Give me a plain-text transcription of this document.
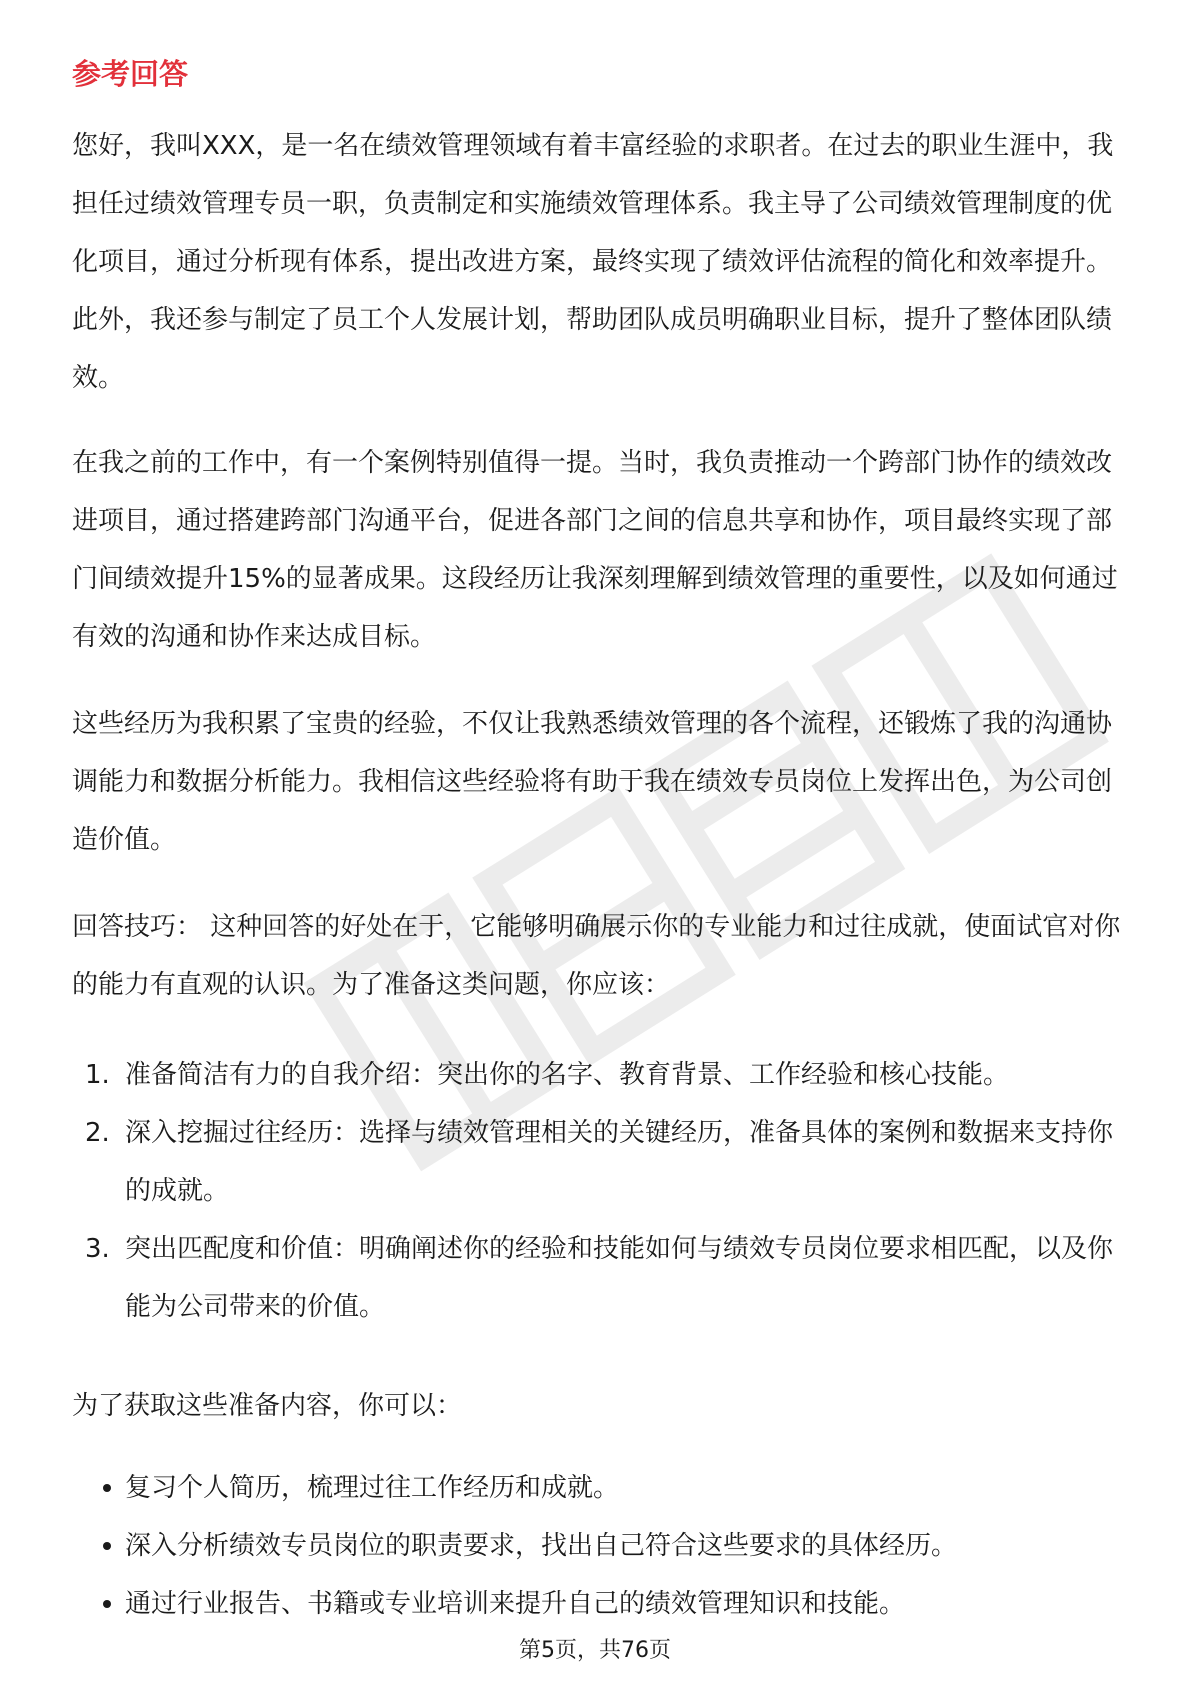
参考回答

您好，我叫XXX，是一名在绩效管理领域有着丰富经验的求职者。在过去的职业生涯中，我担任过绩效管理专员一职，负责制定和实施绩效管理体系。我主导了公司绩效管理制度的优化项目，通过分析现有体系，提出改进方案，最终实现了绩效评估流程的简化和效率提升。此外，我还参与制定了员工个人发展计划，帮助团队成员明确职业目标，提升了整体团队绩效。

在我之前的工作中，有一个案例特别值得一提。当时，我负责推动一个跨部门协作的绩效改进项目，通过搭建跨部门沟通平台，促进各部门之间的信息共享和协作，项目最终实现了部门间绩效提升15%的显著成果。这段经历让我深刻理解到绩效管理的重要性，以及如何通过有效的沟通和协作来达成目标。

这些经历为我积累了宝贵的经验，不仅让我熟悉绩效管理的各个流程，还锻炼了我的沟通协调能力和数据分析能力。我相信这些经验将有助于我在绩效专员岗位上发挥出色，为公司创造价值。

回答技巧： 这种回答的好处在于，它能够明确展示你的专业能力和过往成就，使面试官对你的能力有直观的认识。为了准备这类问题，你应该：

1. 准备简洁有力的自我介绍：突出你的名字、教育背景、工作经验和核心技能。
2. 深入挖掘过往经历：选择与绩效管理相关的关键经历，准备具体的案例和数据来支持你的成就。
3. 突出匹配度和价值：明确阐述你的经验和技能如何与绩效专员岗位要求相匹配，以及你能为公司带来的价值。

为了获取这些准备内容，你可以：

复习个人简历，梳理过往工作经历和成就。
深入分析绩效专员岗位的职责要求，找出自己符合这些要求的具体经历。
通过行业报告、书籍或专业培训来提升自己的绩效管理知识和技能。

第5页，共76页
